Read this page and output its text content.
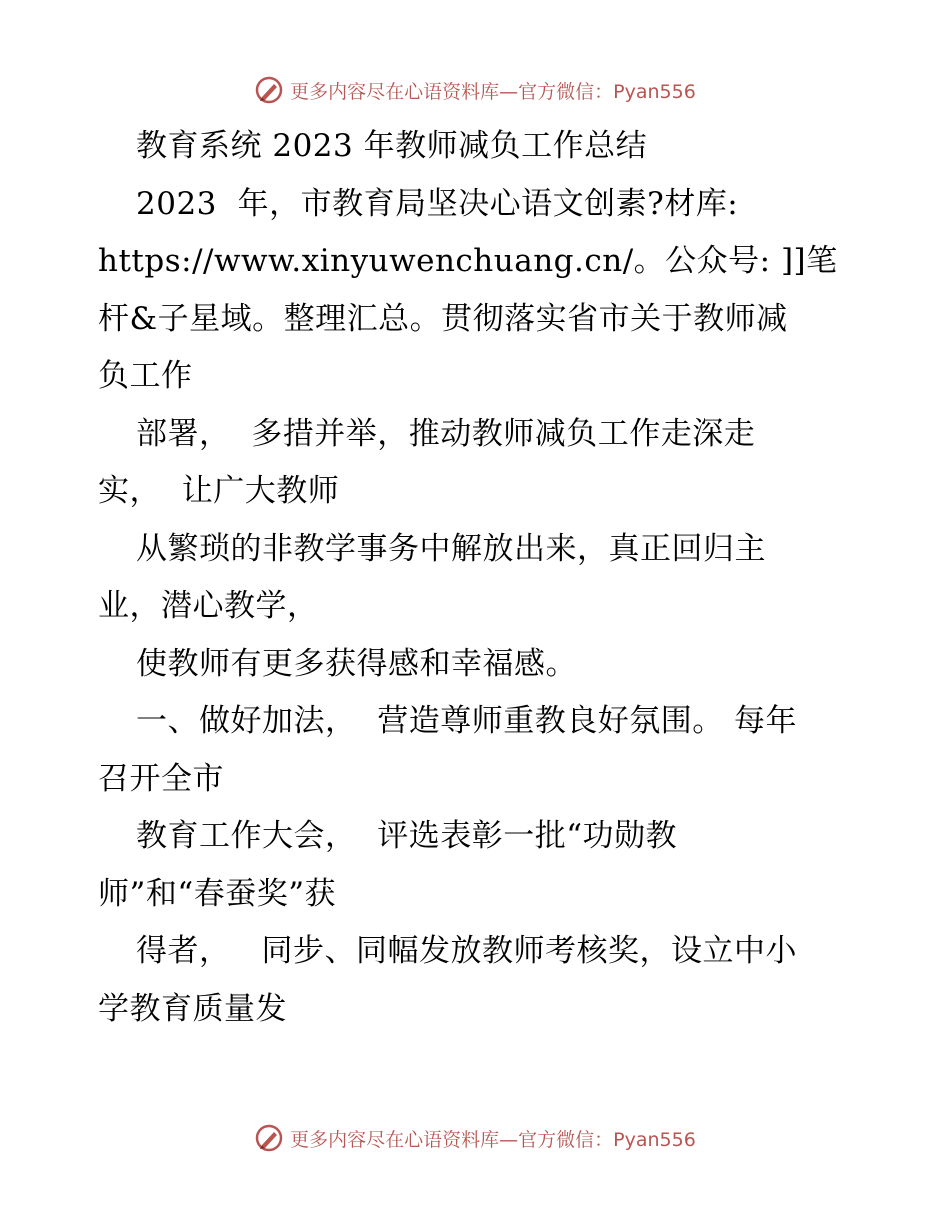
更多内容尽在心语资料库—官方微信：Pyan556
教育系统 2023 年教师减负工作总结
2023  年，市教育局坚决心语文创素?材库:
https://www.xinyuwenchuang.cn/。公众号: ]]笔
杆&子星域。整理汇总。贯彻落实省市关于教师减
负工作
部署，  多措并举，推动教师减负工作走深走
实，  让广大教师
从繁琐的非教学事务中解放出来，真正回归主
业，潜心教学，
使教师有更多获得感和幸福感。
一、做好加法，  营造尊师重教良好氛围。 每年
召开全市
教育工作大会，  评选表彰一批“功勋教
师”和“春蚕奖”获
得者，   同步、同幅发放教师考核奖，设立中小
学教育质量发
更多内容尽在心语资料库—官方微信：Pyan556
